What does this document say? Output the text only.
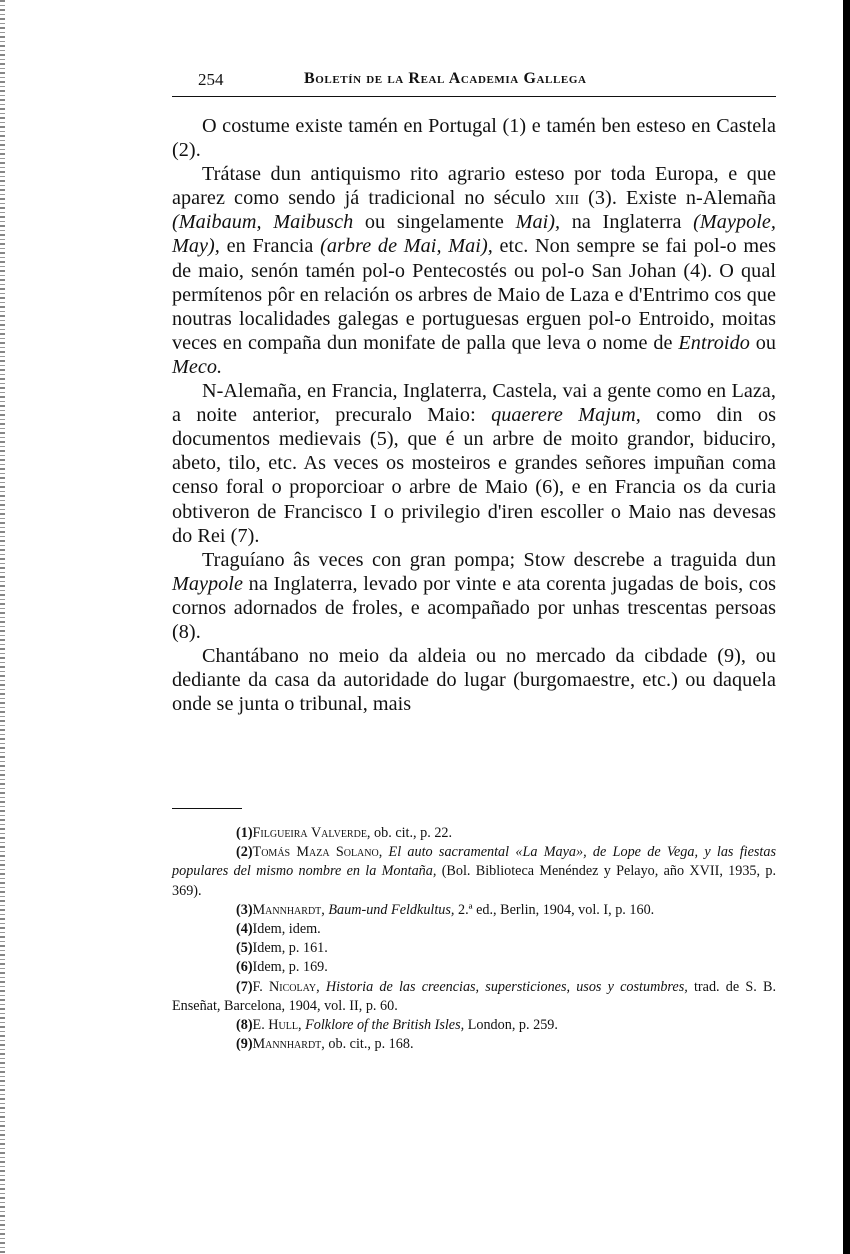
254	Boletín de la Real Academia Gallega

O costume existe tamén en Portugal (1) e tamén ben esteso en Castela (2).

Trátase dun antiquismo rito agrario esteso por toda Europa, e que aparez como sendo já tradicional no século xiii (3). Existe n-Alemaña (Maibaum, Maibusch ou singelamente Mai), na Inglaterra (Maypole, May), en Francia (arbre de Mai, Mai), etc. Non sempre se fai pol-o mes de maio, senón tamén pol-o Pentecostés ou pol-o San Johan (4). O qual permítenos pôr en relación os arbres de Maio de Laza e d'Entrimo cos que noutras localidades galegas e portuguesas erguen pol-o Entroido, moitas veces en compaña dun monifate de palla que leva o nome de Entroido ou Meco.

N-Alemaña, en Francia, Inglaterra, Castela, vai a gente como en Laza, a noite anterior, precuralo Maio: quaerere Majum, como din os documentos medievais (5), que é un arbre de moito grandor, biduciro, abeto, tilo, etc. As veces os mosteiros e grandes señores impuñan coma censo foral o proporcioar o arbre de Maio (6), e en Francia os da curia obtiveron de Francisco I o privilegio d'iren escoller o Maio nas devesas do Rei (7).

Traguíano âs veces con gran pompa; Stow descrebe a traguida dun Maypole na Inglaterra, levado por vinte e ata corenta jugadas de bois, cos cornos adornados de froles, e acompañado por unhas trescentas persoas (8).

Chantábano no meio da aldeia ou no mercado da cibdade (9), ou dediante da casa da autoridade do lugar (burgomaestre, etc.) ou daquela onde se junta o tribunal, mais

(1)Filgueira Valverde, ob. cit., p. 22.

(2)Tomás Maza Solano, El auto sacramental «La Maya», de Lope de Vega, y las fiestas populares del mismo nombre en la Montaña, (Bol. Biblioteca Menéndez y Pelayo, año XVII, 1935, p. 369).

(3)Mannhardt, Baum-und Feldkultus, 2.ª ed., Berlin, 1904, vol. I, p. 160.

(4)Idem, idem.

(5)Idem, p. 161.

(6)Idem, p. 169.

(7)F. Nicolay, Historia de las creencias, supersticiones, usos y costumbres, trad. de S. B. Enseñat, Barcelona, 1904, vol. II, p. 60.

(8)E. Hull, Folklore of the British Isles, London, p. 259.

(9)Mannhardt, ob. cit., p. 168.
